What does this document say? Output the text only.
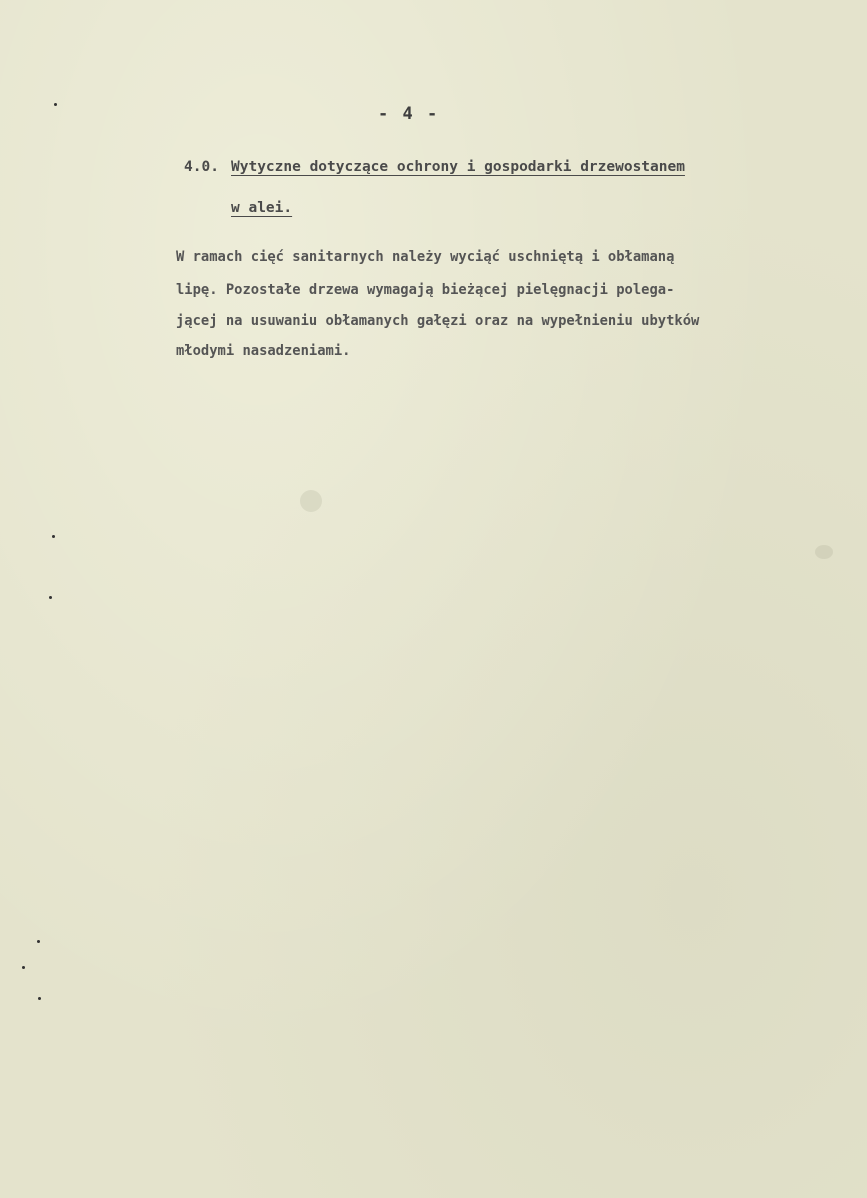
- 4 -
4.0. Wytyczne dotyczące ochrony i gospodarki drzewostanem
w alei.
W ramach cięć sanitarnych należy wyciąć uschniętą i obłamaną
lipę. Pozostałe drzewa wymagają bieżącej pielęgnacji polega-
jącej na usuwaniu obłamanych gałęzi oraz na wypełnieniu ubytków
młodymi nasadzeniami.
